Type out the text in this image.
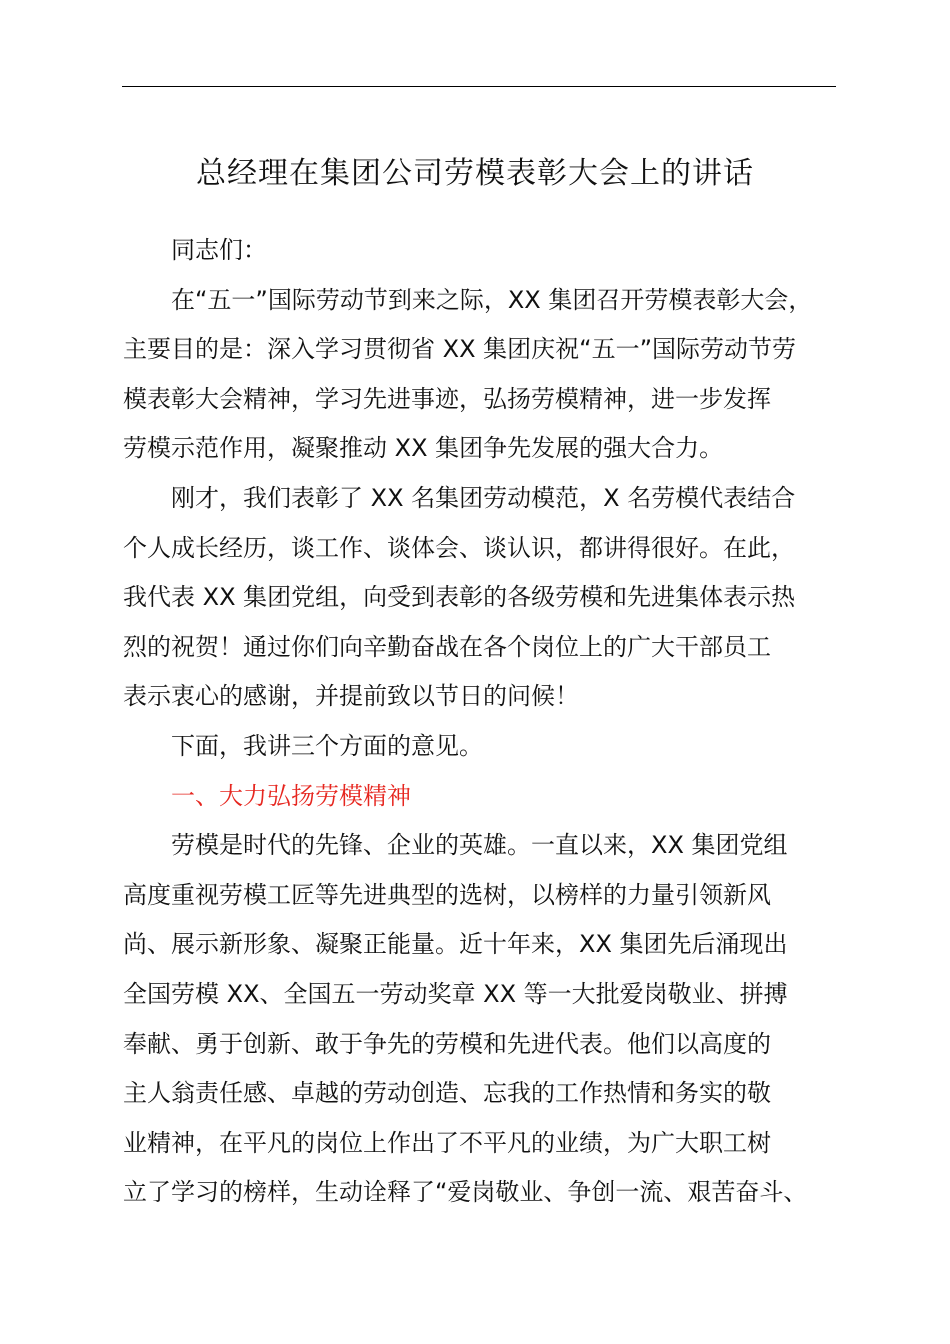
总经理在集团公司劳模表彰大会上的讲话
同志们：
在“五一”国际劳动节到来之际，XX 集团召开劳模表彰大会，
主要目的是：深入学习贯彻省 XX 集团庆祝“五一”国际劳动节劳
模表彰大会精神，学习先进事迹，弘扬劳模精神，进一步发挥
劳模示范作用，凝聚推动 XX 集团争先发展的强大合力。
刚才，我们表彰了 XX 名集团劳动模范，X 名劳模代表结合
个人成长经历，谈工作、谈体会、谈认识，都讲得很好。在此，
我代表 XX 集团党组，向受到表彰的各级劳模和先进集体表示热
烈的祝贺！通过你们向辛勤奋战在各个岗位上的广大干部员工
表示衷心的感谢，并提前致以节日的问候！
下面，我讲三个方面的意见。
一、大力弘扬劳模精神
劳模是时代的先锋、企业的英雄。一直以来，XX 集团党组
高度重视劳模工匠等先进典型的选树，以榜样的力量引领新风
尚、展示新形象、凝聚正能量。近十年来，XX 集团先后涌现出
全国劳模 XX、全国五一劳动奖章 XX 等一大批爱岗敬业、拼搏
奉献、勇于创新、敢于争先的劳模和先进代表。他们以高度的
主人翁责任感、卓越的劳动创造、忘我的工作热情和务实的敬
业精神，在平凡的岗位上作出了不平凡的业绩，为广大职工树
立了学习的榜样，生动诠释了“爱岗敬业、争创一流、艰苦奋斗、
